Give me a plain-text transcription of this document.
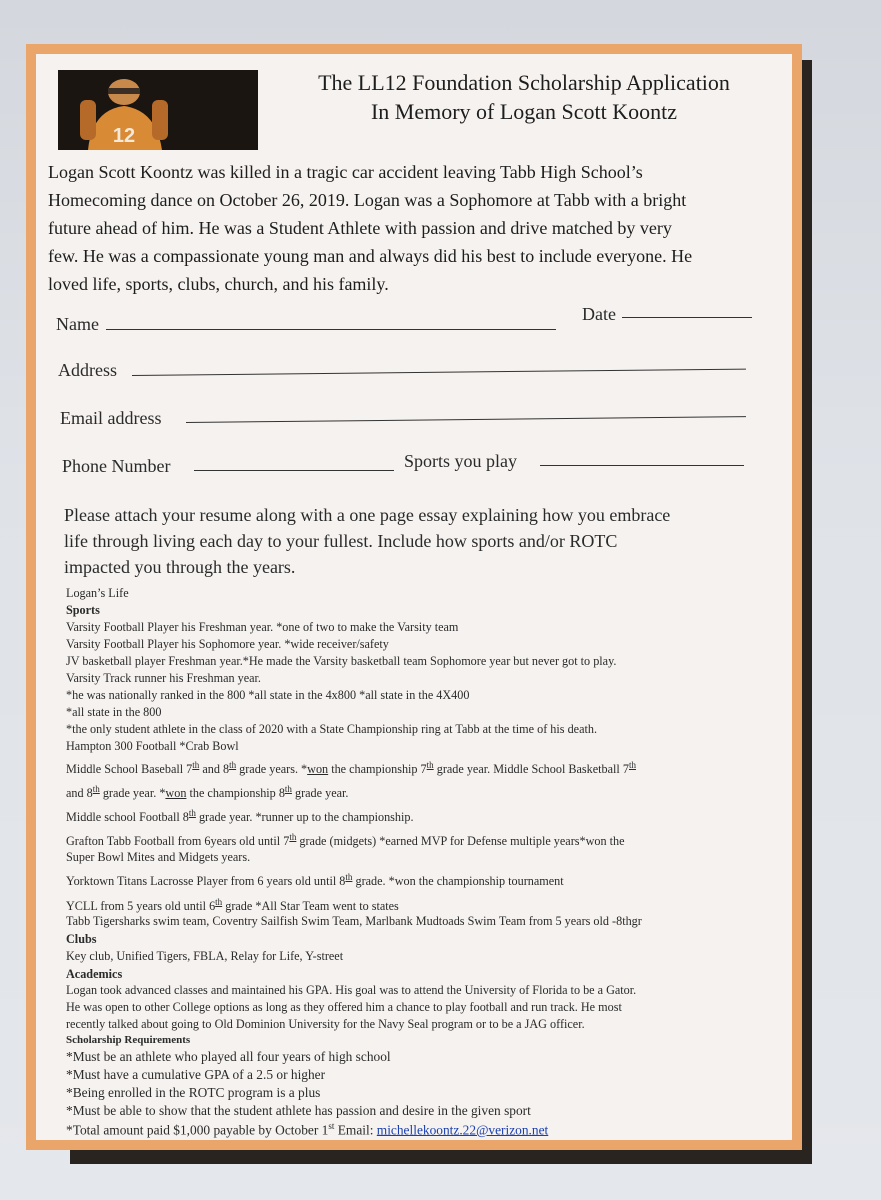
12
The LL12 Foundation Scholarship Application
In Memory of Logan Scott Koontz
Logan Scott Koontz was killed in a tragic car accident leaving Tabb High School’s
Homecoming dance on October 26, 2019. Logan was a Sophomore at Tabb with a bright
future ahead of him. He was a Student Athlete with passion and drive matched by very
few. He was a compassionate young man and always did his best to include everyone. He
loved life, sports, clubs, church, and his family.
Name	Date
Address
Email address
Phone Number	Sports you play
Please attach your resume along with a one page essay explaining how you embrace
life through living each day to your fullest. Include how sports and/or ROTC
impacted you through the years.
Logan’s Life
Sports
Varsity Football Player his Freshman year. *one of two to make the Varsity team
Varsity Football Player his Sophomore year. *wide receiver/safety
JV basketball player Freshman year.*He made the Varsity basketball team Sophomore year but never got to play.
Varsity Track runner his Freshman year.
*he was nationally ranked in the 800 *all state in the 4x800 *all state in the 4X400
*all state in the 800
*the only student athlete in the class of 2020 with a State Championship ring at Tabb at the time of his death.
Hampton 300 Football *Crab Bowl
Middle School Baseball 7th and 8th grade years. *won the championship 7th grade year. Middle School Basketball 7th
and 8th grade year. *won the championship 8th grade year.
Middle school Football 8th grade year. *runner up to the championship.
Grafton Tabb Football from 6years old until 7th grade (midgets) *earned MVP for Defense multiple years*won the
Super Bowl Mites and Midgets years.
Yorktown Titans Lacrosse Player from 6 years old until 8th grade. *won the championship tournament
YCLL from 5 years old until 6th grade *All Star Team went to states
Tabb Tigersharks swim team, Coventry Sailfish Swim Team, Marlbank Mudtoads Swim Team from 5 years old -8thgr
Clubs
Key club, Unified Tigers, FBLA, Relay for Life, Y-street
Academics
Logan took advanced classes and maintained his GPA. His goal was to attend the University of Florida to be a Gator.
He was open to other College options as long as they offered him a chance to play football and run track. He most
recently talked about going to Old Dominion University for the Navy Seal program or to be a JAG officer.
Scholarship Requirements
*Must be an athlete who played all four years of high school
*Must have a cumulative GPA of a 2.5 or higher
*Being enrolled in the ROTC program is a plus
*Must be able to show that the student athlete has passion and desire in the given sport
*Total amount paid $1,000 payable by October 1st Email: michellekoontz.22@verizon.net
